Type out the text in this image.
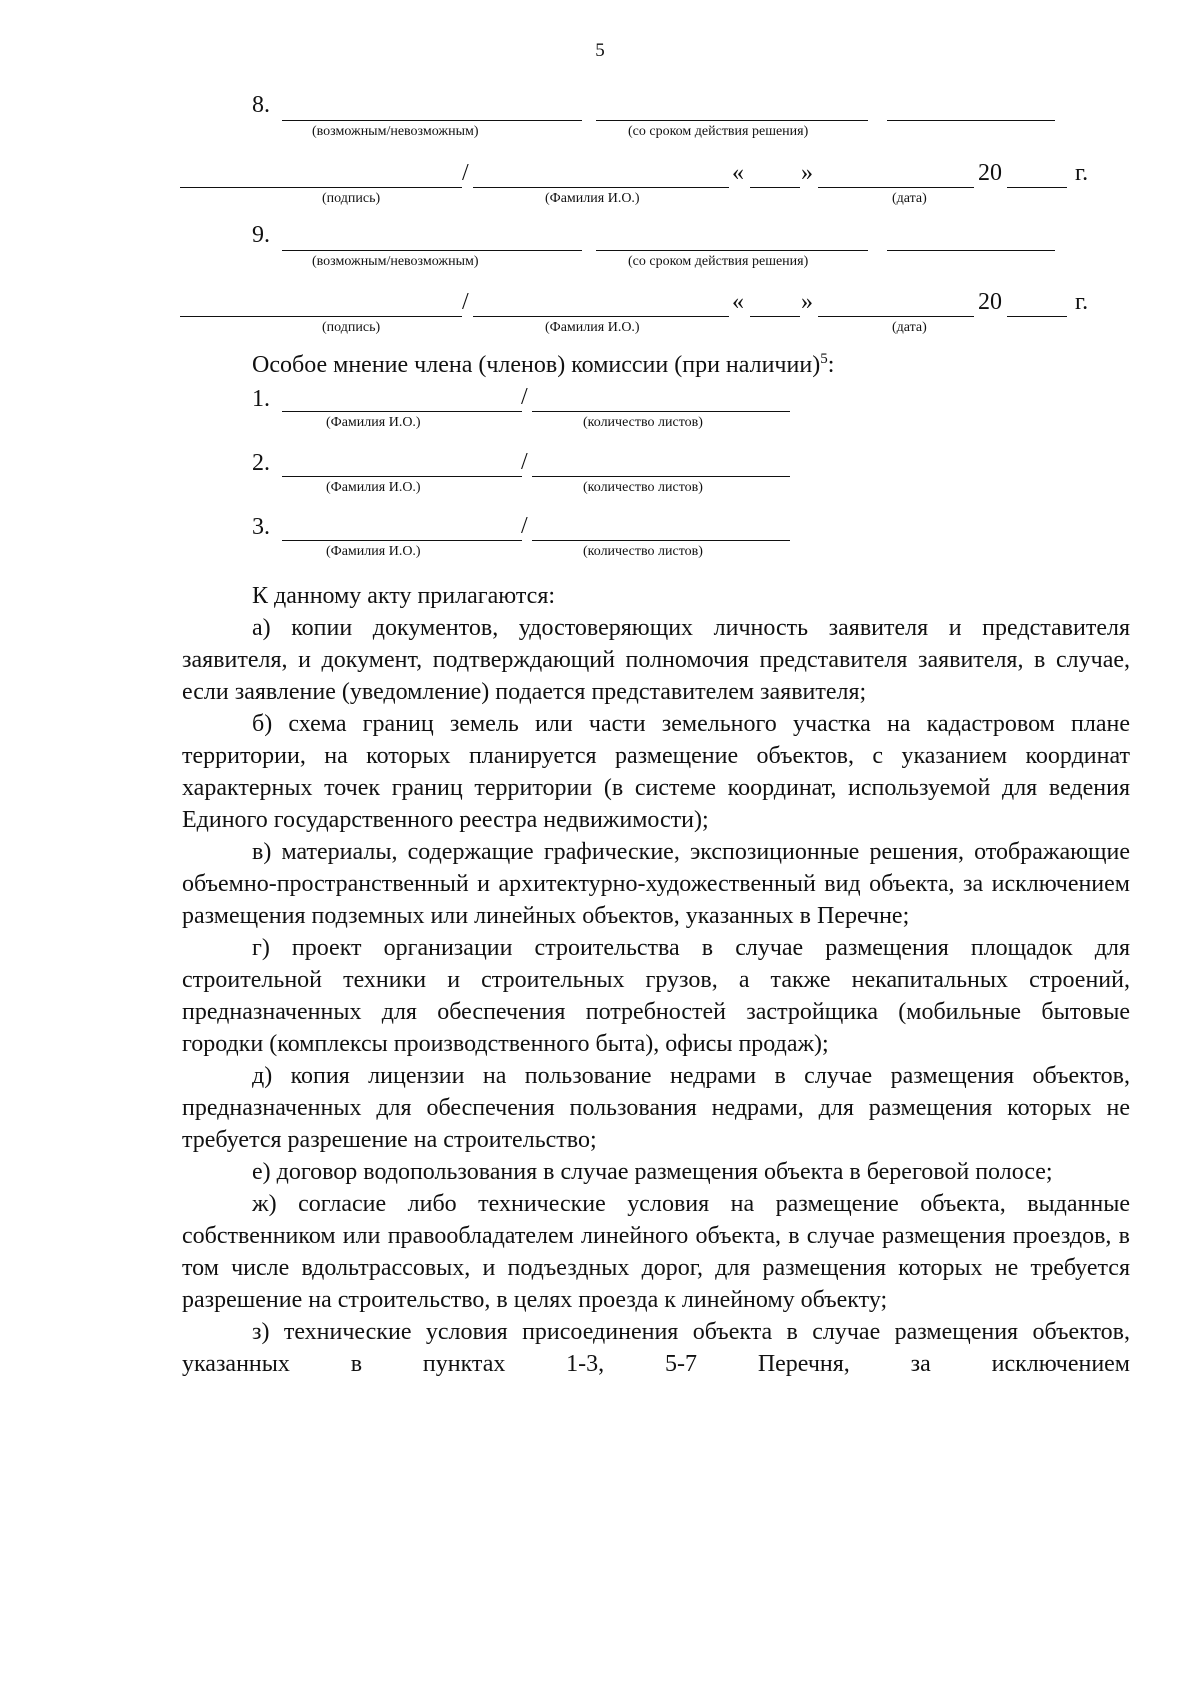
5
8.
(возможным/невозможным)	(со сроком действия решения)
/	« »	20	г.
(подпись)	(Фамилия И.О.)	(дата)
9.
(возможным/невозможным)	(со сроком действия решения)
/	« »	20	г.
(подпись)	(Фамилия И.О.)	(дата)
Особое мнение члена (членов) комиссии (при наличии)$^5$:
1.	/
(Фамилия И.О.)	(количество листов)
2.	/
(Фамилия И.О.)	(количество листов)
3.	/
(Фамилия И.О.)	(количество листов)

К данному акту прилагаются:

а) копии документов, удостоверяющих личность заявителя и представителя заявителя, и документ, подтверждающий полномочия представителя заявителя, в случае, если заявление (уведомление) подается представителем заявителя;

б) схема границ земель или части земельного участка на кадастровом плане территории, на которых планируется размещение объектов, с указанием координат характерных точек границ территории (в системе координат, используемой для ведения Единого государственного реестра недвижимости);

в) материалы, содержащие графические, экспозиционные решения, отображающие объемно-пространственный и архитектурно-художественный вид объекта, за исключением размещения подземных или линейных объектов, указанных в Перечне;

г) проект организации строительства в случае размещения площадок для строительной техники и строительных грузов, а также некапитальных строений, предназначенных для обеспечения потребностей застройщика (мобильные бытовые городки (комплексы производственного быта), офисы продаж);

д) копия лицензии на пользование недрами в случае размещения объектов, предназначенных для обеспечения пользования недрами, для размещения которых не требуется разрешение на строительство;

е) договор водопользования в случае размещения объекта в береговой полосе;

ж) согласие либо технические условия на размещение объекта, выданные собственником или правообладателем линейного объекта, в случае размещения проездов, в том числе вдольтрассовых, и подъездных дорог, для размещения которых не требуется разрешение на строительство, в целях проезда к линейному объекту;

з) технические условия присоединения объекта в случае размещения объектов, указанных в пунктах 1-3, 5-7 Перечня, за исключением
